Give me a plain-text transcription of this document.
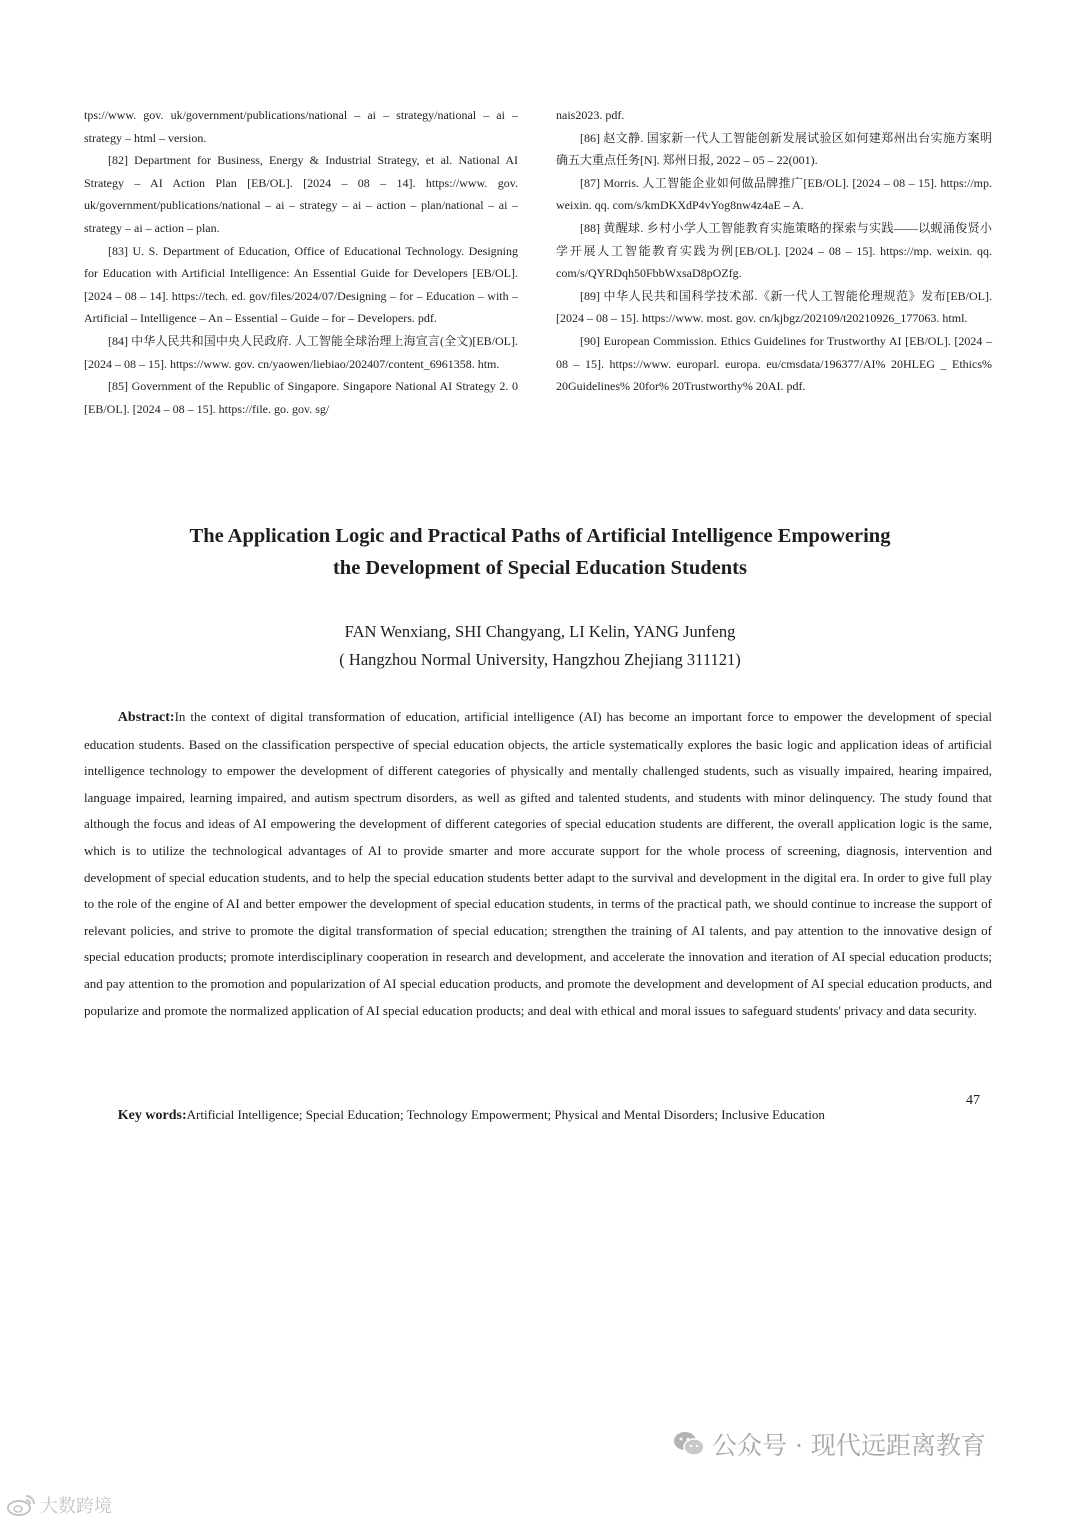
tps://www. gov. uk/government/publications/national – ai – strategy/national – ai – strategy – html – version.

[82] Department for Business, Energy & Industrial Strategy, et al. National AI Strategy – AI Action Plan [EB/OL]. [2024 – 08 – 14]. https://www. gov. uk/government/publications/national – ai – strategy – ai – action – plan/national – ai – strategy – ai – action – plan.

[83] U. S. Department of Education, Office of Educational Technology. Designing for Education with Artificial Intelligence: An Essential Guide for Developers [EB/OL]. [2024 – 08 – 14]. https://tech. ed. gov/files/2024/07/Designing – for – Education – with – Artificial – Intelligence – An – Essential – Guide – for – Developers. pdf.

[84] 中华人民共和国中央人民政府. 人工智能全球治理上海宣言(全文)[EB/OL]. [2024 – 08 – 15]. https://www. gov. cn/yaowen/liebiao/202407/content_6961358. htm.

[85] Government of the Republic of Singapore. Singapore National AI Strategy 2. 0 [EB/OL]. [2024 – 08 – 15]. https://file. go. gov. sg/

nais2023. pdf.

[86] 赵文静. 国家新一代人工智能创新发展试验区如何建郑州出台实施方案明确五大重点任务[N]. 郑州日报, 2022 – 05 – 22(001).

[87] Morris. 人工智能企业如何做品牌推广[EB/OL]. [2024 – 08 – 15]. https://mp. weixin. qq. com/s/kmDKXdP4vYog8nw4z4aE – A.

[88] 黄醒球. 乡村小学人工智能教育实施策略的探索与实践——以蚬涌俊贤小学开展人工智能教育实践为例[EB/OL]. [2024 – 08 – 15]. https://mp. weixin. qq. com/s/QYRDqh50FbbWxsaD8pOZfg.

[89] 中华人民共和国科学技术部.《新一代人工智能伦理规范》发布[EB/OL]. [2024 – 08 – 15]. https://www. most. gov. cn/kjbgz/202109/t20210926_177063. html.

[90] European Commission. Ethics Guidelines for Trustworthy AI [EB/OL]. [2024 – 08 – 15]. https://www. europarl. europa. eu/cmsdata/196377/AI% 20HLEG _ Ethics% 20Guidelines% 20for% 20Trustworthy% 20AI. pdf.

The Application Logic and Practical Paths of Artificial Intelligence Empowering
the Development of Special Education Students
FAN Wenxiang, SHI Changyang, LI Kelin, YANG Junfeng
( Hangzhou Normal University, Hangzhou Zhejiang 311121)

Abstract:In the context of digital transformation of education, artificial intelligence (AI) has become an important force to empower the development of special education students. Based on the classification perspective of special education objects, the article systematically explores the basic logic and application ideas of artificial intelligence technology to empower the development of different categories of physically and mentally challenged students, such as visually impaired, hearing impaired, language impaired, learning impaired, and autism spectrum disorders, as well as gifted and talented students, and students with minor delinquency. The study found that although the focus and ideas of AI empowering the development of different categories of special education students are different, the overall application logic is the same, which is to utilize the technological advantages of AI to provide smarter and more accurate support for the whole process of screening, diagnosis, intervention and development of special education students, and to help the special education students better adapt to the survival and development in the digital era. In order to give full play to the role of the engine of AI and better empower the development of special education students, in terms of the practical path, we should continue to increase the support of relevant policies, and strive to promote the digital transformation of special education; strengthen the training of AI talents, and pay attention to the innovative design of special education products; promote interdisciplinary cooperation in research and development, and accelerate the innovation and iteration of AI special education products; and pay attention to the promotion and popularization of AI special education products, and promote the development and development of AI special education products, and popularize and promote the normalized application of AI special education products; and deal with ethical and moral issues to safeguard students' privacy and data security.

Key words:Artificial Intelligence; Special Education; Technology Empowerment; Physical and Mental Disorders; Inclusive Education

47
公众号 · 现代远距离教育
大数跨境
